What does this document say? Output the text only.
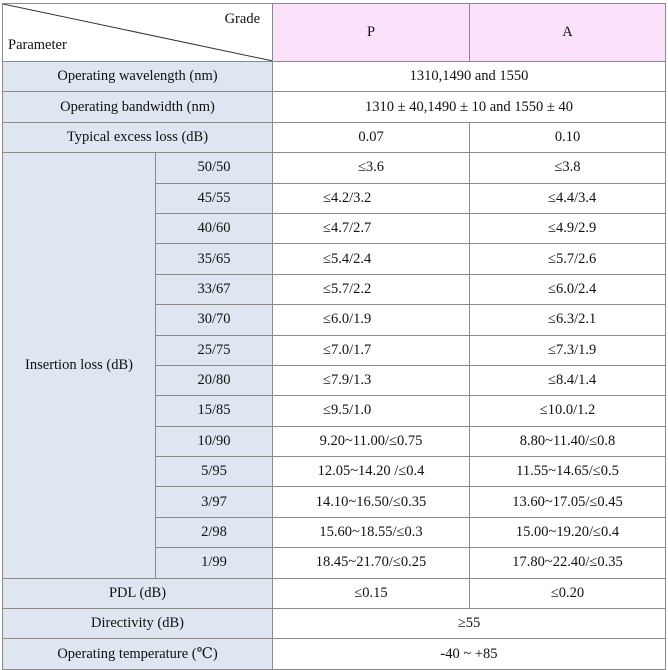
Grade
Parameter		P	A
Operating wavelength (nm)		1310,1490 and 1550	
Operating bandwidth (nm)		1310 ± 40,1490 ± 10 and 1550 ± 40	
Typical excess loss (dB)		0.07	0.10
Insertion loss (dB)	50/50	≤3.6	≤3.8
	45/55	≤4.2/3.2	≤4.4/3.4
	40/60	≤4.7/2.7	≤4.9/2.9
	35/65	≤5.4/2.4	≤5.7/2.6
	33/67	≤5.7/2.2	≤6.0/2.4
	30/70	≤6.0/1.9	≤6.3/2.1
	25/75	≤7.0/1.7	≤7.3/1.9
	20/80	≤7.9/1.3	≤8.4/1.4
	15/85	≤9.5/1.0	≤10.0/1.2
	10/90	9.20~11.00/≤0.75	8.80~11.40/≤0.8
	5/95	12.05~14.20 /≤0.4	11.55~14.65/≤0.5
	3/97	14.10~16.50/≤0.35	13.60~17.05/≤0.45
	2/98	15.60~18.55/≤0.3	15.00~19.20/≤0.4
	1/99	18.45~21.70/≤0.25	17.80~22.40/≤0.35
PDL (dB)		≤0.15	≤0.20
Directivity (dB)		≥55	
Operating temperature (℃)		-40 ~ +85	
